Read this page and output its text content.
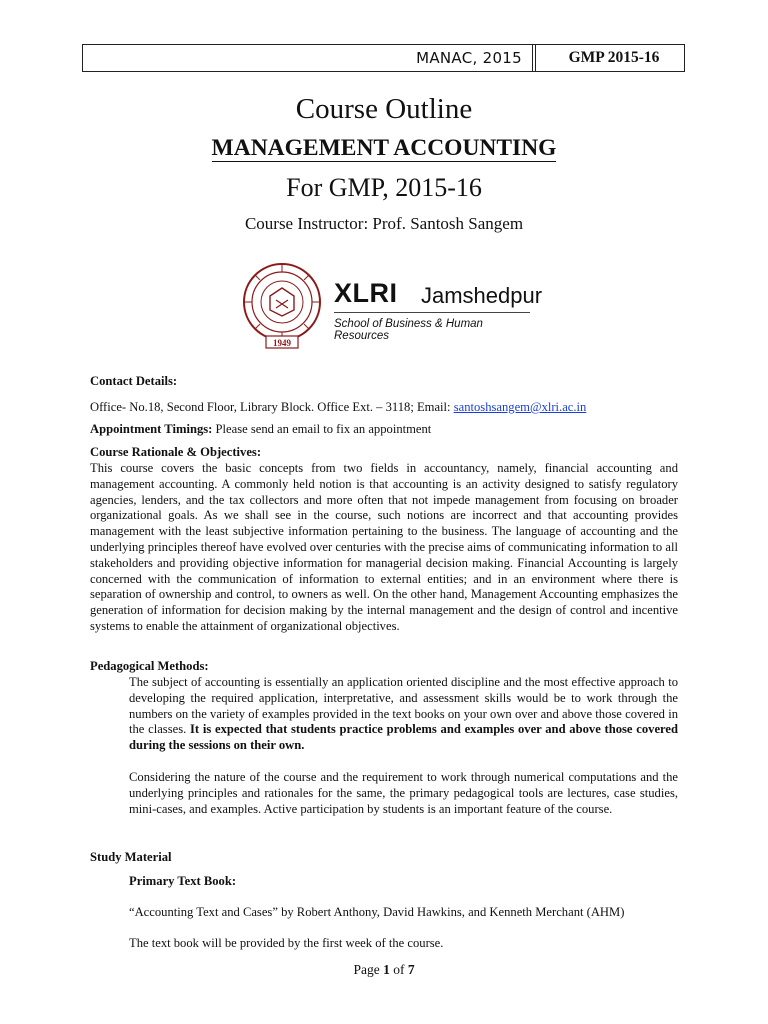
MANAC, 2015	GMP 2015-16
Course Outline
MANAGEMENT ACCOUNTING
For GMP, 2015-16
Course Instructor: Prof. Santosh Sangem
1949
XLRI Jamshedpur
School of Business & Human Resources
Contact Details:
Office- No.18, Second Floor, Library Block. Office Ext. – 3118; Email: santoshsangem@xlri.ac.in
Appointment Timings: Please send an email to fix an appointment
Course Rationale & Objectives:
This course covers the basic concepts from two fields in accountancy, namely, financial accounting and management accounting. A commonly held notion is that accounting is an activity designed to satisfy regulatory agencies, lenders, and the tax collectors and more often that not impede management from focusing on broader organizational goals. As we shall see in the course, such notions are incorrect and that accounting provides management with the least subjective information pertaining to the business. The language of accounting and the underlying principles thereof have evolved over centuries with the precise aims of communicating information to all stakeholders and providing objective information for managerial decision making. Financial Accounting is largely concerned with the communication of information to external entities; and in an environment where there is separation of ownership and control, to owners as well. On the other hand, Management Accounting emphasizes the generation of information for decision making by the internal management and the design of control and incentive systems to enable the attainment of organizational objectives.
Pedagogical Methods:
The subject of accounting is essentially an application oriented discipline and the most effective approach to developing the required application, interpretative, and assessment skills would be to work through the numbers on the variety of examples provided in the text books on your own over and above those covered in the classes. It is expected that students practice problems and examples over and above those covered during the sessions on their own.
Considering the nature of the course and the requirement to work through numerical computations and the underlying principles and rationales for the same, the primary pedagogical tools are lectures, case studies, mini-cases, and examples. Active participation by students is an important feature of the course.
Study Material
Primary Text Book:
“Accounting Text and Cases” by Robert Anthony, David Hawkins, and Kenneth Merchant (AHM)
The text book will be provided by the first week of the course.
Page 1 of 7
